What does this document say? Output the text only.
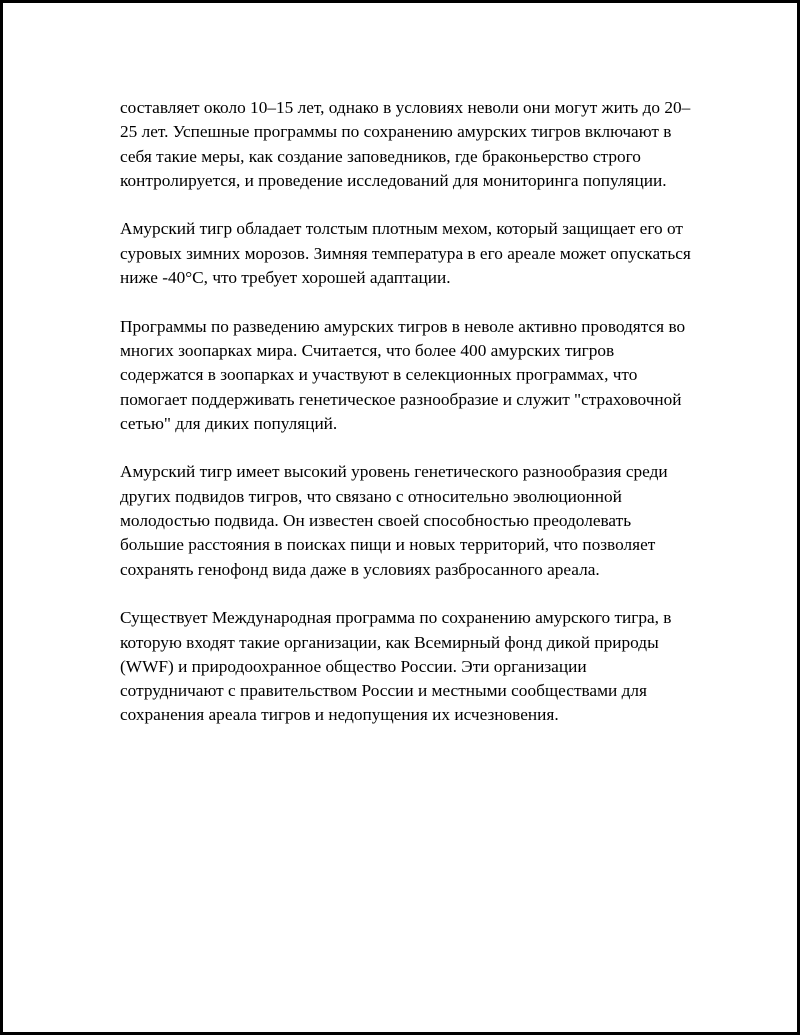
составляет около 10–15 лет, однако в условиях неволи они могут жить до 20–25 лет. Успешные программы по сохранению амурских тигров включают в себя такие меры, как создание заповедников, где браконьерство строго контролируется, и проведение исследований для мониторинга популяции.

Амурский тигр обладает толстым плотным мехом, который защищает его от суровых зимних морозов. Зимняя температура в его ареале может опускаться ниже -40°C, что требует хорошей адаптации.

Программы по разведению амурских тигров в неволе активно проводятся во многих зоопарках мира. Считается, что более 400 амурских тигров содержатся в зоопарках и участвуют в селекционных программах, что помогает поддерживать генетическое разнообразие и служит "страховочной сетью" для диких популяций.

Амурский тигр имеет высокий уровень генетического разнообразия среди других подвидов тигров, что связано с относительно эволюционной молодостью подвида. Он известен своей способностью преодолевать большие расстояния в поисках пищи и новых территорий, что позволяет сохранять генофонд вида даже в условиях разбросанного ареала.

Существует Международная программа по сохранению амурского тигра, в которую входят такие организации, как Всемирный фонд дикой природы (WWF) и природоохранное общество России. Эти организации сотрудничают с правительством России и местными сообществами для сохранения ареала тигров и недопущения их исчезновения.
